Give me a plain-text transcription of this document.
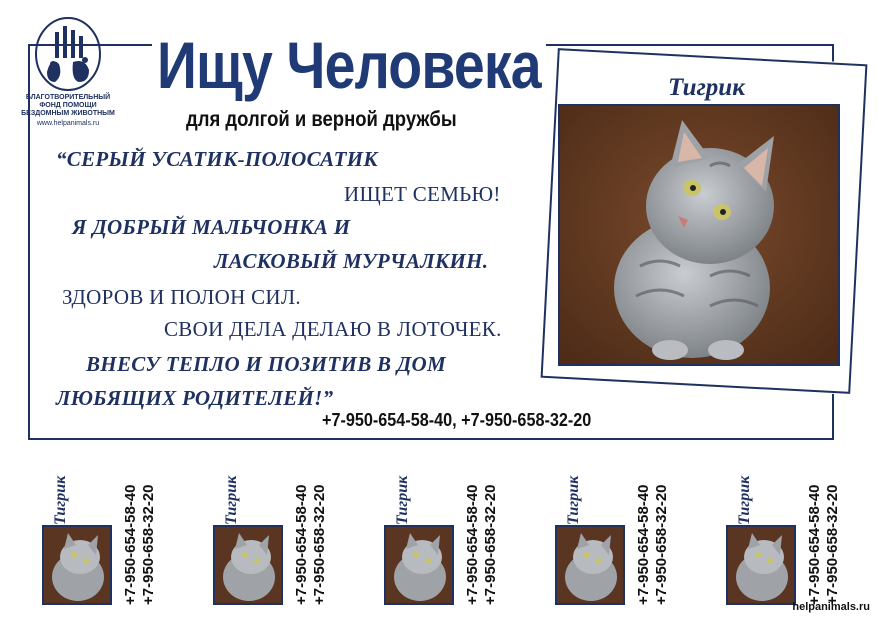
БЛАГОТВОРИТЕЛЬНЫЙ
ФОНД ПОМОЩИ
БЕЗДОМНЫМ ЖИВОТНЫМ
www.helpanimals.ru
Ищу Человека
для долгой и верной дружбы
“СЕРЫЙ УСАТИК-ПОЛОСАТИК
ИЩЕТ СЕМЬЮ!
Я ДОБРЫЙ МАЛЬЧОНКА И
ЛАСКОВЫЙ МУРЧАЛКИН.
ЗДОРОВ И ПОЛОН СИЛ.
СВОИ ДЕЛА ДЕЛАЮ В ЛОТОЧЕК.
ВНЕСУ ТЕПЛО И ПОЗИТИВ В ДОМ
ЛЮБЯЩИХ РОДИТЕЛЕЙ!”
+7-950-654-58-40, +7-950-658-32-20
Тигрик
Тигрик	+7-950-654-58-40 +7-950-658-32-20	Тигрик	+7-950-654-58-40 +7-950-658-32-20	Тигрик	+7-950-654-58-40 +7-950-658-32-20	Тигрик	+7-950-654-58-40 +7-950-658-32-20	Тигрик	+7-950-654-58-40 +7-950-658-32-20
helpanimals.ru
